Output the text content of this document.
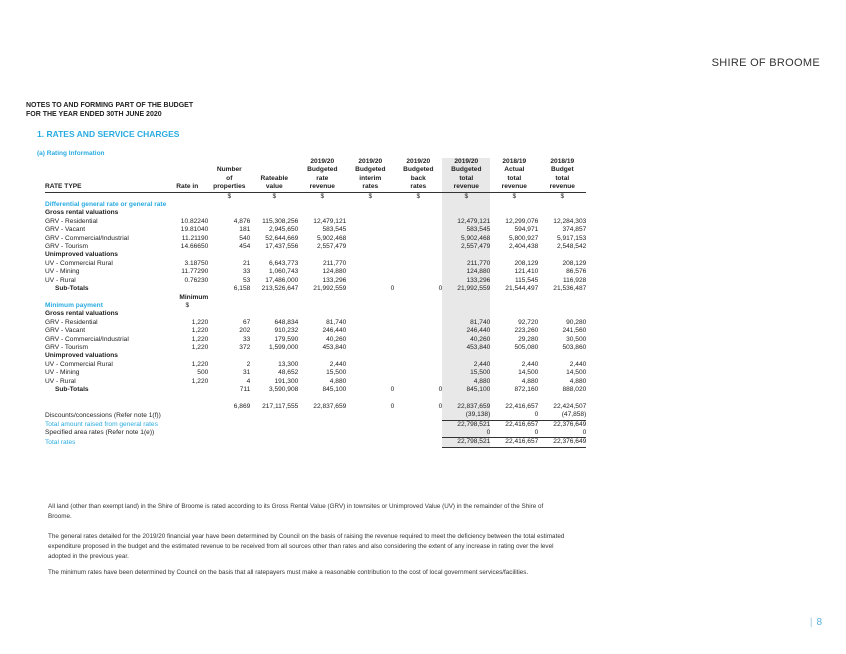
SHIRE OF BROOME
NOTES TO AND FORMING PART OF THE BUDGET
FOR THE YEAR ENDED 30TH JUNE 2020
1. RATES AND SERVICE CHARGES
(a) Rating Information
				2019/20	2019/20	2019/20	2019/20	2018/19	2018/19
		Number		Budgeted	Budgeted	Budgeted	Budgeted	Actual	Budget
		of	Rateable	rate	interim	back	total	total	total
RATE TYPE	Rate in	properties	value	revenue	rates	rates	revenue	revenue	revenue
		$	$	$	$	$	$	$	$
Differential general rate or general rate									
Gross rental valuations									
GRV - Residential	10.82240	4,876	115,308,256	12,479,121			12,479,121	12,299,076	12,284,303
GRV - Vacant	19.81040	181	2,945,650	583,545			583,545	594,971	374,857
GRV - Commercial/Industrial	11.21190	540	52,644,669	5,902,468			5,902,468	5,800,927	5,917,153
GRV - Tourism	14.66650	454	17,437,556	2,557,479			2,557,479	2,404,438	2,548,542
Unimproved valuations									
UV - Commercial Rural	3.18750	21	6,643,773	211,770			211,770	208,129	208,129
UV - Mining	11.77290	33	1,060,743	124,880			124,880	121,410	86,576
UV - Rural	0.76230	53	17,486,000	133,296			133,296	115,545	116,928
Sub-Totals		6,158	213,526,647	21,992,559	0	0	21,992,559	21,544,497	21,536,487
	Minimum								
Minimum payment	$								
Gross rental valuations									
GRV - Residential	1,220	67	648,834	81,740			81,740	92,720	90,280
GRV - Vacant	1,220	202	910,232	246,440			246,440	223,260	241,560
GRV - Commercial/Industrial	1,220	33	179,590	40,260			40,260	29,280	30,500
GRV - Tourism	1,220	372	1,599,000	453,840			453,840	505,080	503,860
Unimproved valuations									
UV - Commercial Rural	1,220	2	13,300	2,440			2,440	2,440	2,440
UV - Mining	500	31	48,652	15,500			15,500	14,500	14,500
UV - Rural	1,220	4	191,300	4,880			4,880	4,880	4,880
Sub-Totals		711	3,590,908	845,100	0	0	845,100	872,160	888,020

		6,869	217,117,555	22,837,659	0	0	22,837,659	22,416,657	22,424,507
Discounts/concessions (Refer note 1(f))							(39,138)	0	(47,858)
Total amount raised from general rates							22,798,521	22,416,657	22,376,649
Specified area rates (Refer note 1(e))							0	0	0
Total rates							22,798,521	22,416,657	22,376,649
All land (other than exempt land) in the Shire of Broome is rated according to its Gross Rental Value (GRV) in townsites or Unimproved Value (UV) in the remainder of the Shire of Broome.
The general rates detailed for the 2019/20 financial year have been determined by Council on the basis of raising the revenue required to meet the deficiency between the total estimated expenditure proposed in the budget and the estimated revenue to be received from all sources other than rates and also considering the extent of any increase in rating over the level adopted in the previous year.
The minimum rates have been determined by Council on the basis that all ratepayers must make a reasonable contribution to the cost of local government services/facilities.
| 8
